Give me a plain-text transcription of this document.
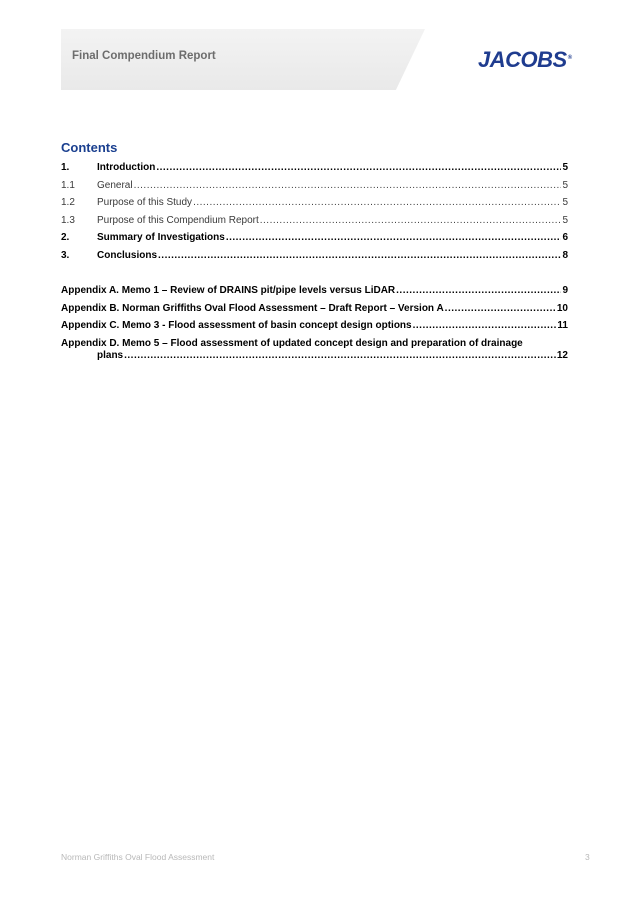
Final Compendium Report	JACOBS®
Contents
1.	Introduction .....	5
1.1	General .....	5
1.2	Purpose of this Study .....	5
1.3	Purpose of this Compendium Report .....	5
2.	Summary of Investigations .....	6
3.	Conclusions .....	8
Appendix A. Memo 1 – Review of DRAINS pit/pipe levels versus LiDAR .....	9
Appendix B. Norman Griffiths Oval Flood Assessment – Draft Report – Version A .....	10
Appendix C. Memo 3 - Flood assessment of basin concept design options .....	11
Appendix D. Memo 5 – Flood assessment of updated concept design and preparation of drainage
plans .....	12
Norman Griffiths Oval Flood Assessment	3
